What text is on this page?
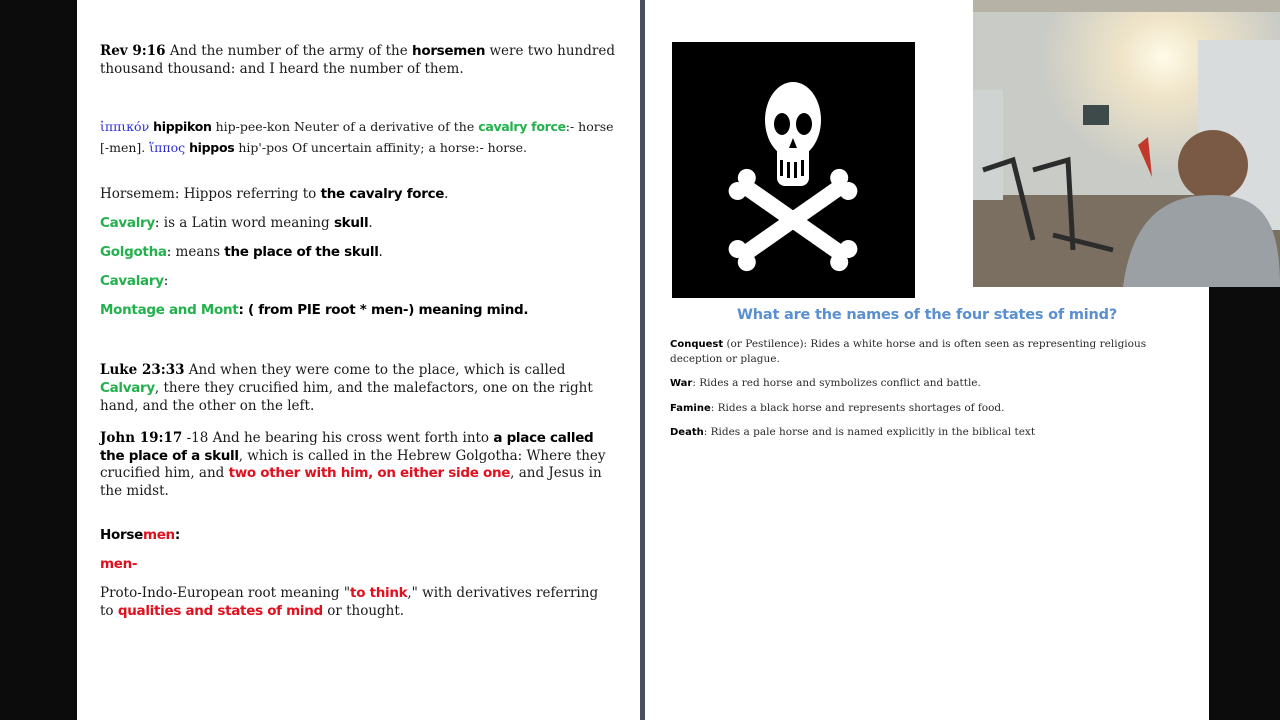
Rev 9:16 And the number of the army of the horsemen were two hundred thousand thousand: and I heard the number of them.
ἱππικόν hippikon hip-pee-kon Neuter of a derivative of the cavalry force:- horse [-men]. ἵππος hippos hip'-pos Of uncertain affinity; a horse:- horse.
Horsemem: Hippos referring to the cavalry force.
Cavalry: is a Latin word meaning skull.
Golgotha: means the place of the skull.
Cavalary:
Montage and Mont: ( from PIE root * men-) meaning mind.
Luke 23:33 And when they were come to the place, which is called Calvary, there they crucified him, and the malefactors, one on the right hand, and the other on the left.
John 19:17 -18 And he bearing his cross went forth into a place called the place of a skull, which is called in the Hebrew Golgotha: Where they crucified him, and two other with him, on either side one, and Jesus in the midst.
Horsemen:
men-
Proto-Indo-European root meaning "to think," with derivatives referring to qualities and states of mind or thought.
What are the names of the four states of mind?
Conquest (or Pestilence): Rides a white horse and is often seen as representing religious deception or plague.
War: Rides a red horse and symbolizes conflict and battle.
Famine: Rides a black horse and represents shortages of food.
Death: Rides a pale horse and is named explicitly in the biblical text
